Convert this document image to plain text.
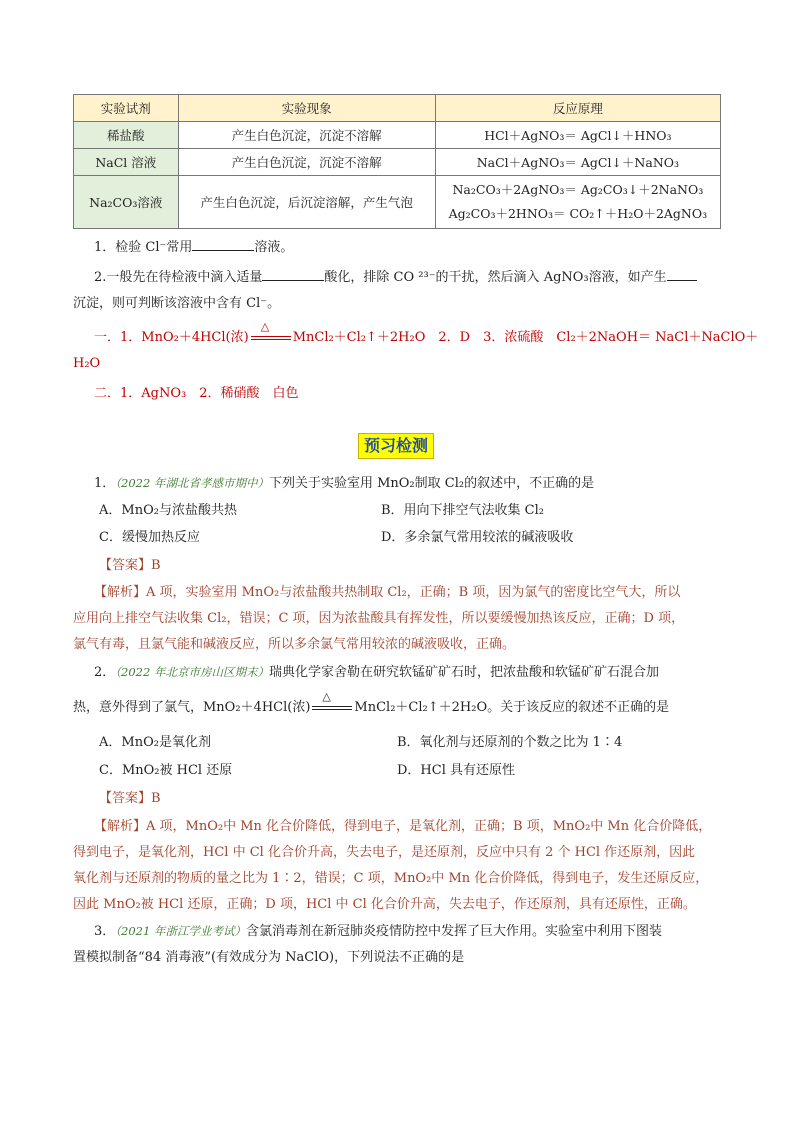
实验试剂	实验现象	反应原理
稀盐酸	产生白色沉淀，沉淀不溶解	HCl＋AgNO₃＝ AgCl↓＋HNO₃
NaCl 溶液	产生白色沉淀，沉淀不溶解	NaCl＋AgNO₃＝ AgCl↓＋NaNO₃
Na₂CO₃溶液	产生白色沉淀，后沉淀溶解，产生气泡	Na₂CO₃＋2AgNO₃＝ Ag₂CO₃↓＋2NaNO₃
Ag₂CO₃＋2HNO₃＝ CO₂↑＋H₂O＋2AgNO₃
1．检验 Cl⁻常用	溶液。
2.一般先在待检液中滴入适量	酸化，排除 CO ²³⁻的干扰，然后滴入 AgNO₃溶液，如产生
沉淀，则可判断该溶液中含有 Cl⁻。
一．1．MnO₂＋4HCl(浓)
△
MnCl₂＋Cl₂↑＋2H₂O　2．D　3．浓硫酸　Cl₂＋2NaOH＝ NaCl＋NaClO＋
H₂O
二．1．AgNO₃　2．稀硝酸　白色
预习检测
1．（2022 年湖北省孝感市期中）下列关于实验室用 MnO₂制取 Cl₂的叙述中，不正确的是
A．MnO₂与浓盐酸共热	B．用向下排空气法收集 Cl₂
C．缓慢加热反应	D．多余氯气常用较浓的碱液吸收
【答案】B
【解析】A 项，实验室用 MnO₂与浓盐酸共热制取 Cl₂，正确；B 项，因为氯气的密度比空气大，所以
应用向上排空气法收集 Cl₂，错误；C 项，因为浓盐酸具有挥发性，所以要缓慢加热该反应，正确；D 项，
氯气有毒，且氯气能和碱液反应，所以多余氯气常用较浓的碱液吸收，正确。
2．（2022 年北京市房山区期末）瑞典化学家舍勒在研究软锰矿矿石时，把浓盐酸和软锰矿矿石混合加
热，意外得到了氯气，MnO₂＋4HCl(浓)
△
MnCl₂＋Cl₂↑＋2H₂O。关于该反应的叙述不正确的是
A．MnO₂是氧化剂	B．氧化剂与还原剂的个数之比为 1∶4
C．MnO₂被 HCl 还原	D．HCl 具有还原性
【答案】B
【解析】A 项，MnO₂中 Mn 化合价降低，得到电子，是氧化剂，正确；B 项，MnO₂中 Mn 化合价降低，
得到电子，是氧化剂，HCl 中 Cl 化合价升高，失去电子，是还原剂，反应中只有 2 个 HCl 作还原剂，因此
氧化剂与还原剂的物质的量之比为 1∶2，错误；C 项，MnO₂中 Mn 化合价降低，得到电子，发生还原反应，
因此 MnO₂被 HCl 还原，正确；D 项，HCl 中 Cl 化合价升高，失去电子，作还原剂，具有还原性，正确。
3．（2021 年浙江学业考试）含氯消毒剂在新冠肺炎疫情防控中发挥了巨大作用。实验室中利用下图装
置模拟制备“84 消毒液”(有效成分为 NaClO)，下列说法不正确的是
